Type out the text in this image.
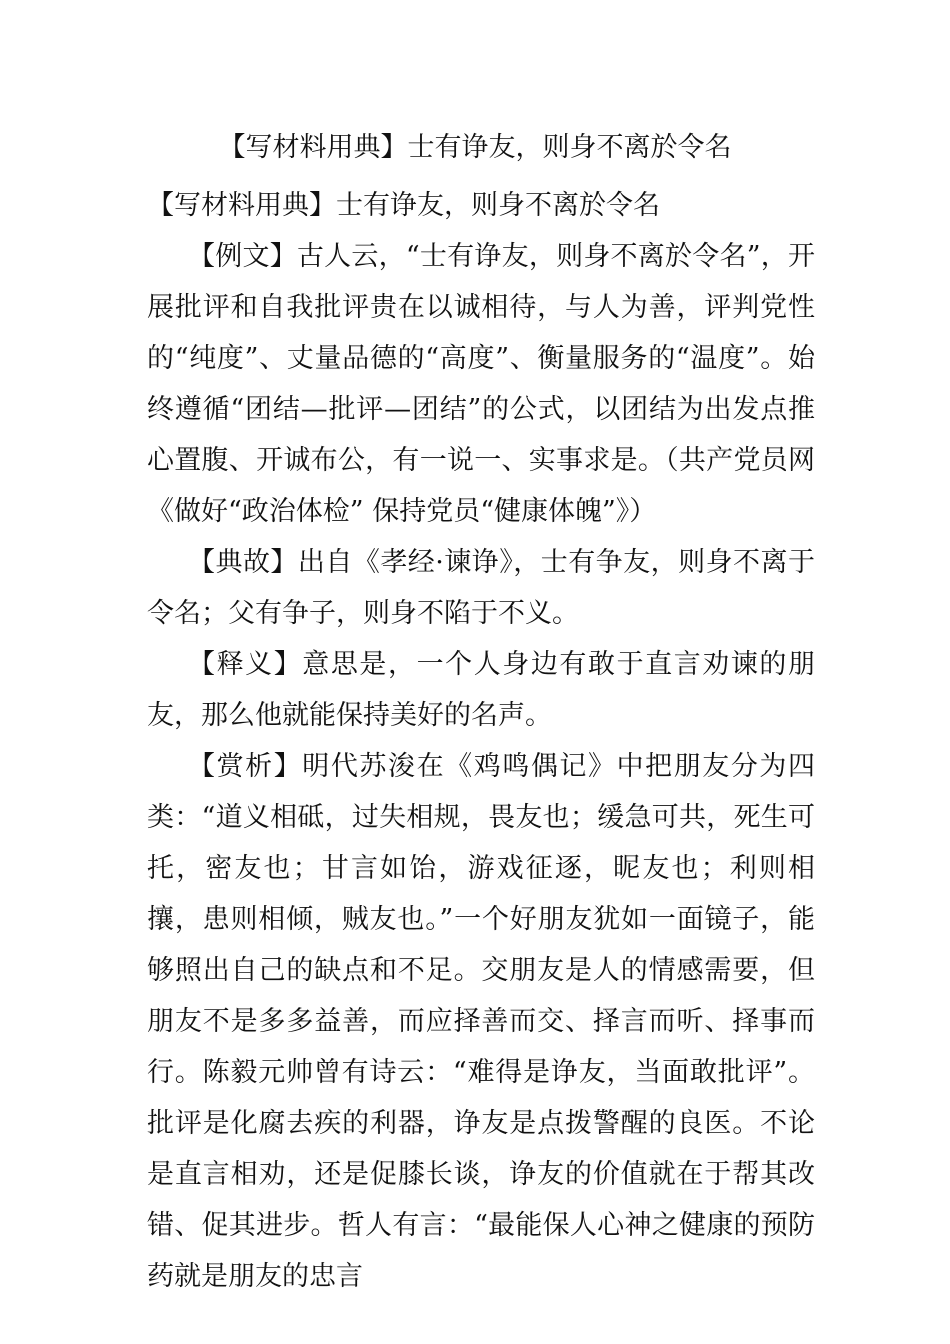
【写材料用典】士有诤友，则身不离於令名

【写材料用典】士有诤友，则身不离於令名

【例文】古人云，“士有诤友，则身不离於令名”，开展批评和自我批评贵在以诚相待，与人为善，评判党性的“纯度”、丈量品德的“高度”、衡量服务的“温度”。始终遵循“团结—批评—团结”的公式，以团结为出发点推心置腹、开诚布公，有一说一、实事求是。（共产党员网《做好“政治体检” 保持党员“健康体魄”》）

【典故】出自《孝经·谏诤》，士有争友，则身不离于令名；父有争子，则身不陷于不义。

【释义】意思是，一个人身边有敢于直言劝谏的朋友，那么他就能保持美好的名声。

【赏析】明代苏浚在《鸡鸣偶记》中把朋友分为四类：“道义相砥，过失相规，畏友也；缓急可共，死生可托，密友也；甘言如饴，游戏征逐，昵友也；利则相攘，患则相倾，贼友也。”一个好朋友犹如一面镜子，能够照出自己的缺点和不足。交朋友是人的情感需要，但朋友不是多多益善，而应择善而交、择言而听、择事而行。陈毅元帅曾有诗云：“难得是诤友，当面敢批评”。批评是化腐去疾的利器，诤友是点拨警醒的良医。不论是直言相劝，还是促膝长谈，诤友的价值就在于帮其改错、促其进步。哲人有言：“最能保人心神之健康的预防药就是朋友的忠言
